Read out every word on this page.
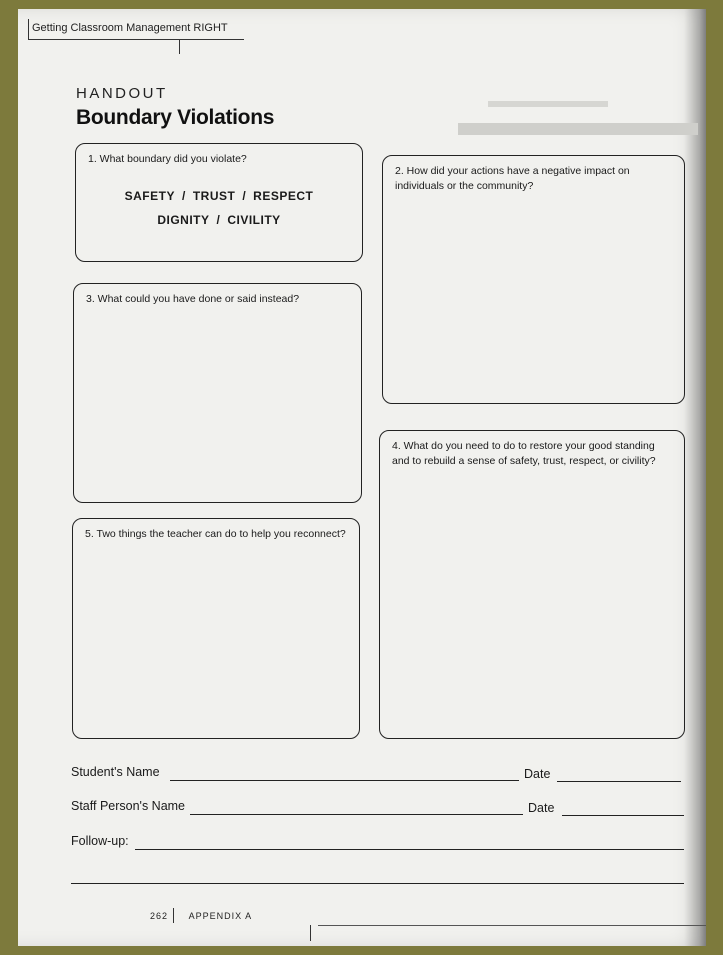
Getting Classroom Management RIGHT
HANDOUT
Boundary Violations
1. What boundary did you violate?
SAFETY / TRUST / RESPECT
DIGNITY / CIVILITY
2. How did your actions have a negative impact on individuals or the community?
3. What could you have done or said instead?
4. What do you need to do to restore your good standing and to rebuild a sense of safety, trust, respect, or civility?
5. Two things the teacher can do to help you reconnect?
Student's Name	Date
Staff Person's Name	Date
Follow-up:
262 APPENDIX A
